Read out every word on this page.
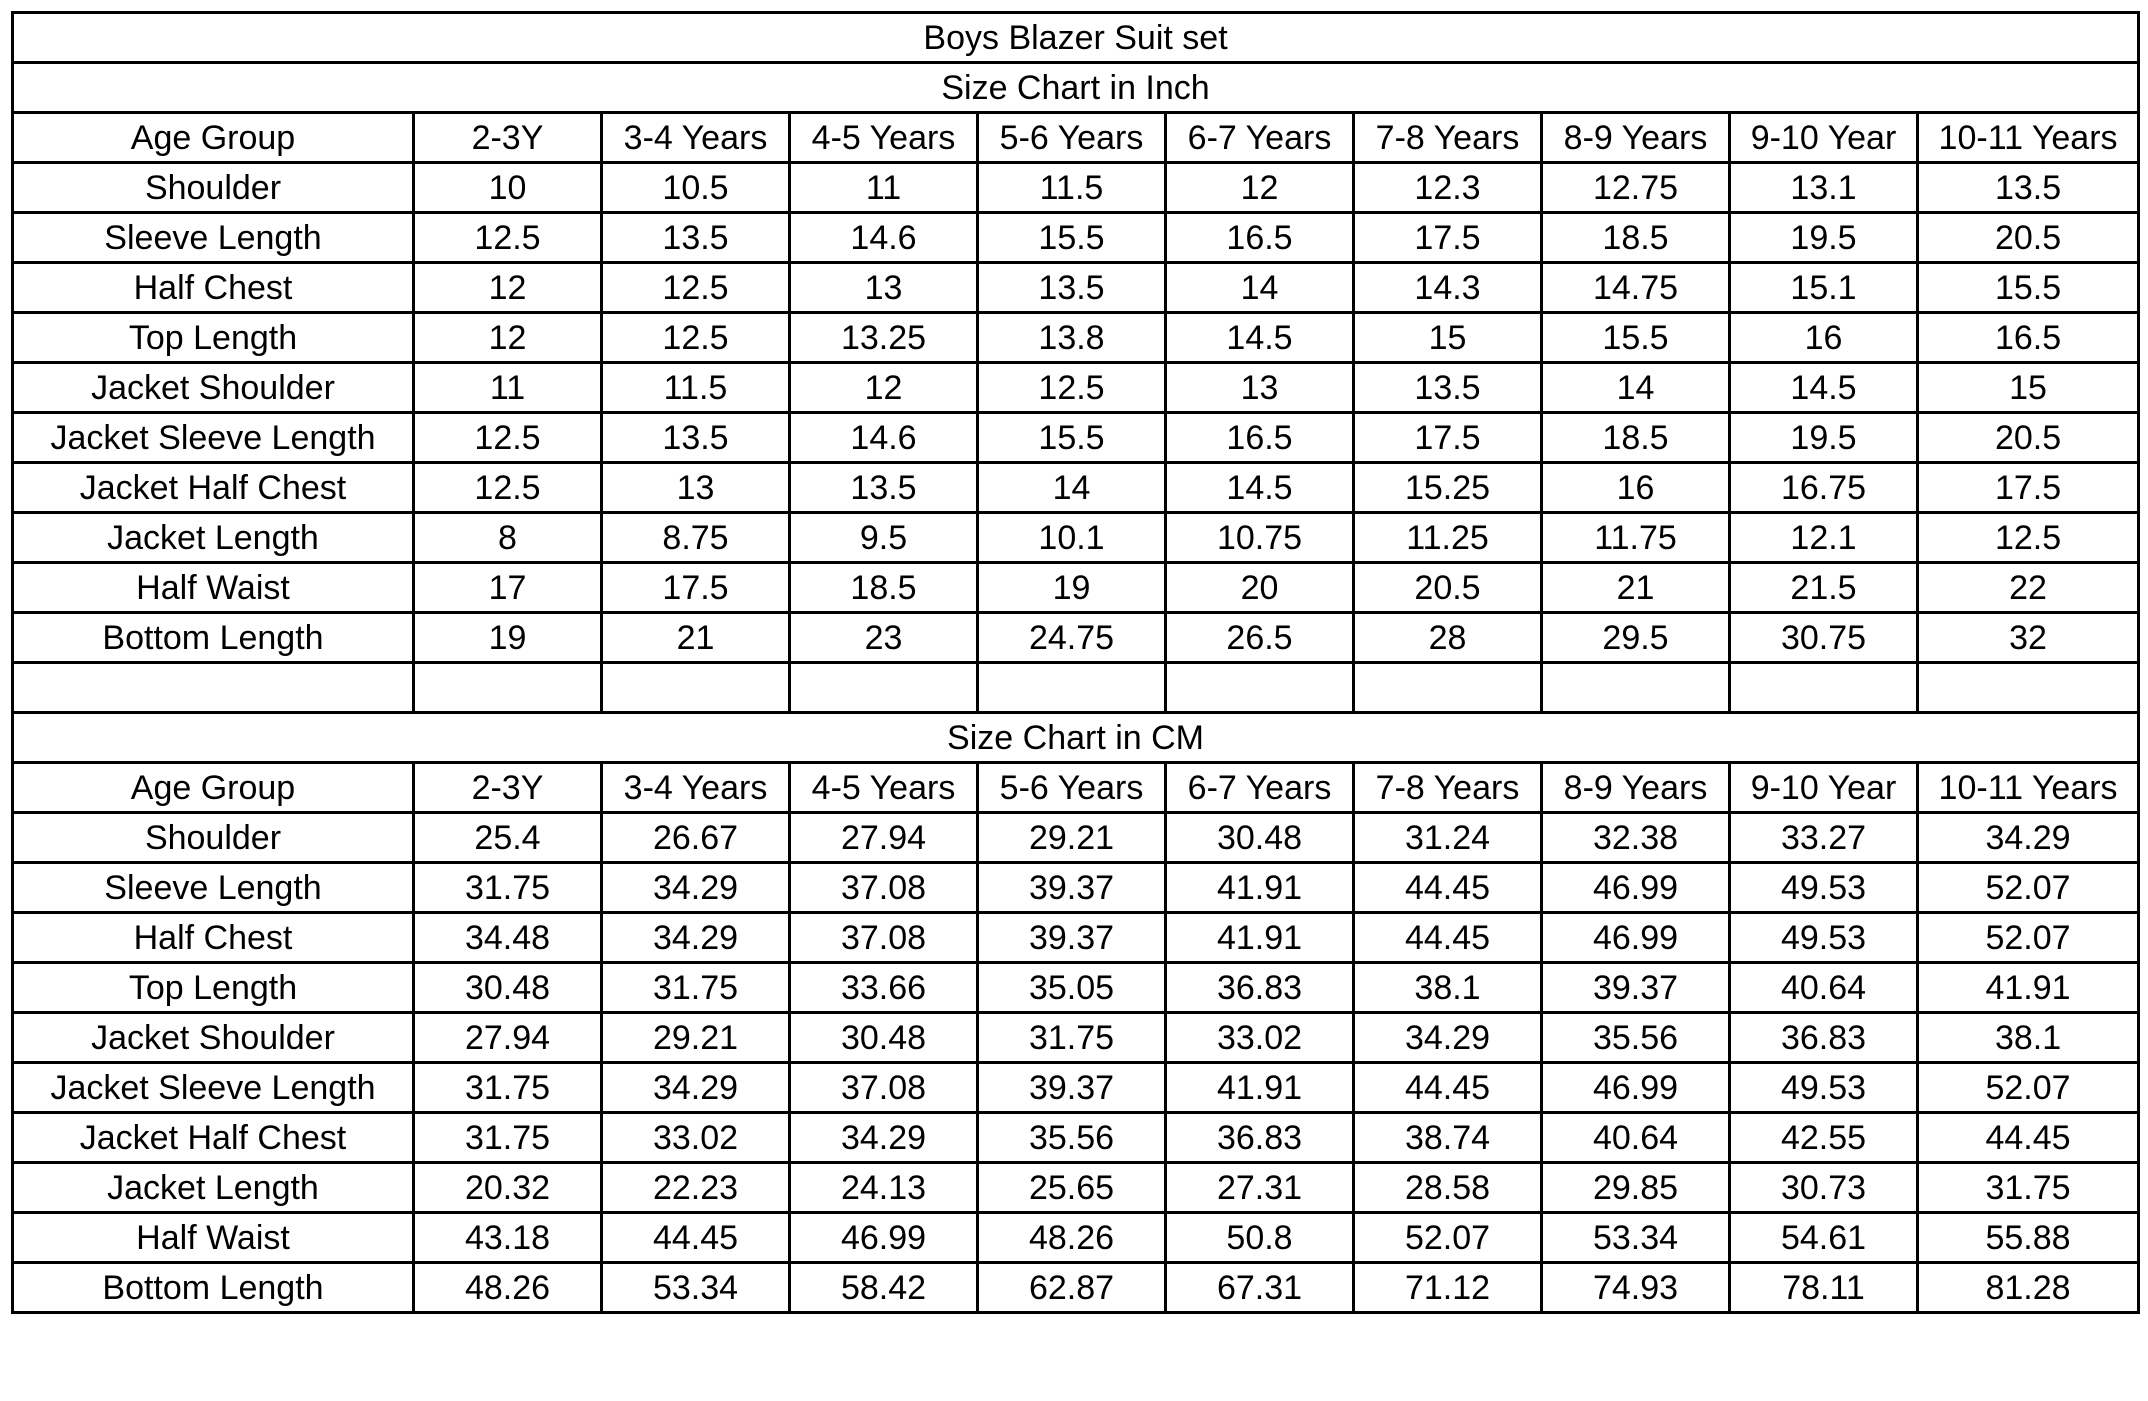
Boys Blazer Suit set									
Size Chart in Inch									
Age Group	2-3Y	3-4 Years	4-5 Years	5-6 Years	6-7 Years	7-8 Years	8-9 Years	9-10 Year	10-11 Years
Shoulder	10	10.5	11	11.5	12	12.3	12.75	13.1	13.5
Sleeve Length	12.5	13.5	14.6	15.5	16.5	17.5	18.5	19.5	20.5
Half Chest	12	12.5	13	13.5	14	14.3	14.75	15.1	15.5
Top Length	12	12.5	13.25	13.8	14.5	15	15.5	16	16.5
Jacket Shoulder	11	11.5	12	12.5	13	13.5	14	14.5	15
Jacket Sleeve Length	12.5	13.5	14.6	15.5	16.5	17.5	18.5	19.5	20.5
Jacket Half Chest	12.5	13	13.5	14	14.5	15.25	16	16.75	17.5
Jacket Length	8	8.75	9.5	10.1	10.75	11.25	11.75	12.1	12.5
Half Waist	17	17.5	18.5	19	20	20.5	21	21.5	22
Bottom Length	19	21	23	24.75	26.5	28	29.5	30.75	32

Size Chart in CM									
Age Group	2-3Y	3-4 Years	4-5 Years	5-6 Years	6-7 Years	7-8 Years	8-9 Years	9-10 Year	10-11 Years
Shoulder	25.4	26.67	27.94	29.21	30.48	31.24	32.38	33.27	34.29
Sleeve Length	31.75	34.29	37.08	39.37	41.91	44.45	46.99	49.53	52.07
Half Chest	34.48	34.29	37.08	39.37	41.91	44.45	46.99	49.53	52.07
Top Length	30.48	31.75	33.66	35.05	36.83	38.1	39.37	40.64	41.91
Jacket Shoulder	27.94	29.21	30.48	31.75	33.02	34.29	35.56	36.83	38.1
Jacket Sleeve Length	31.75	34.29	37.08	39.37	41.91	44.45	46.99	49.53	52.07
Jacket Half Chest	31.75	33.02	34.29	35.56	36.83	38.74	40.64	42.55	44.45
Jacket Length	20.32	22.23	24.13	25.65	27.31	28.58	29.85	30.73	31.75
Half Waist	43.18	44.45	46.99	48.26	50.8	52.07	53.34	54.61	55.88
Bottom Length	48.26	53.34	58.42	62.87	67.31	71.12	74.93	78.11	81.28
